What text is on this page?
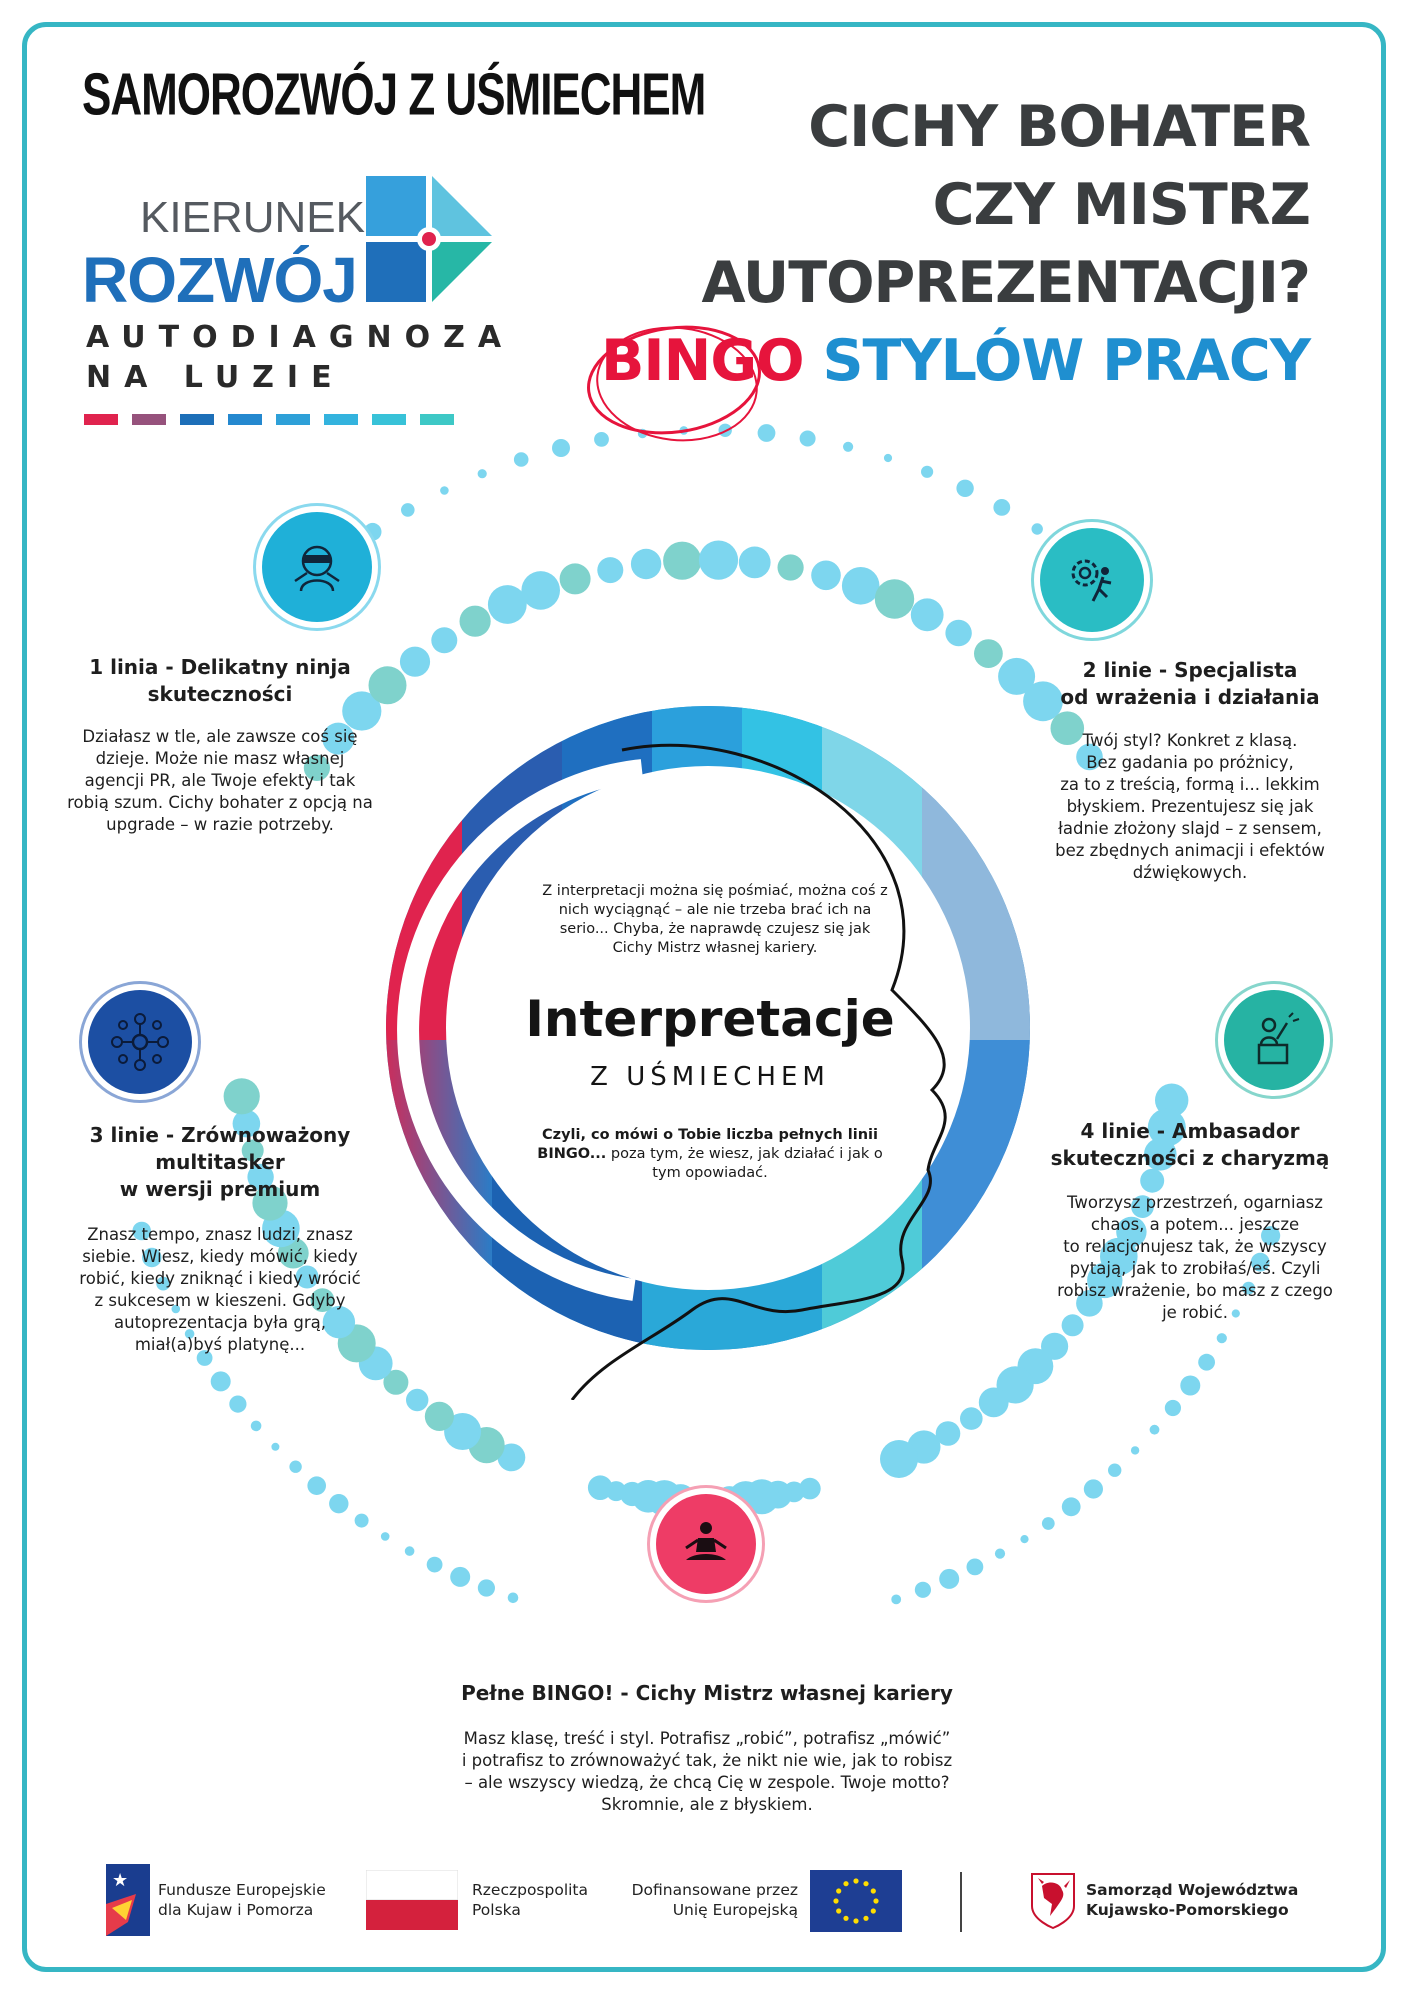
SAMOROZWÓJ Z UŚMIECHEM
KIERUNEK
ROZWÓJ
AUTODIAGNOZA
NA LUZIE
CICHY BOHATER
CZY MISTRZ
AUTOPREZENTACJI?
BINGO STYLÓW PRACY
Z interpretacji można się pośmiać, można coś z nich wyciągnąć – ale nie trzeba brać ich na serio... Chyba, że naprawdę czujesz się jak Cichy Mistrz własnej kariery.
Interpretacje
Z UŚMIECHEM
Czyli, co mówi o Tobie liczba pełnych linii BINGO... poza tym, że wiesz, jak działać i jak o tym opowiadać.
1 linia - Delikatny ninja
skuteczności
Działasz w tle, ale zawsze coś się
dzieje. Może nie masz własnej
agencji PR, ale Twoje efekty i tak
robią szum. Cichy bohater z opcją na
upgrade – w razie potrzeby.
2 linie - Specjalista
od wrażenia i działania
Twój styl? Konkret z klasą.
Bez gadania po próżnicy,
za to z treścią, formą i... lekkim
błyskiem. Prezentujesz się jak
ładnie złożony slajd – z sensem,
bez zbędnych animacji i efektów
dźwiękowych.
3 linie - Zrównoważony
multitasker
w wersji premium
Znasz tempo, znasz ludzi, znasz
siebie. Wiesz, kiedy mówić, kiedy
robić, kiedy zniknąć i kiedy wrócić
z sukcesem w kieszeni. Gdyby
autoprezentacja była grą,
miał(a)byś platynę...
4 linie - Ambasador
skuteczności z charyzmą
Tworzysz przestrzeń, ogarniasz
chaos, a potem... jeszcze
to relacjonujesz tak, że wszyscy
pytają, jak to zrobiłaś/eś. Czyli
robisz wrażenie, bo masz z czego
je robić.
Pełne BINGO! - Cichy Mistrz własnej kariery
Masz klasę, treść i styl. Potrafisz „robić”, potrafisz „mówić”
i potrafisz to zrównoważyć tak, że nikt nie wie, jak to robisz
– ale wszyscy wiedzą, że chcą Cię w zespole. Twoje motto?
Skromnie, ale z błyskiem.
★ Fundusze Europejskie
dla Kujaw i Pomorza
Rzeczpospolita
Polska
Dofinansowane przez
Unię Europejską
Samorząd Województwa
Kujawsko-Pomorskiego
